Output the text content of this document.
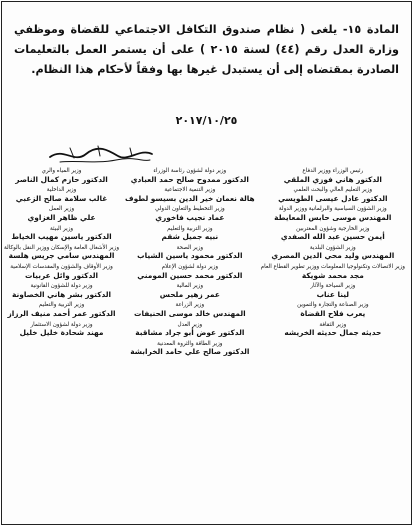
المادة ١٥- يلغى ( نظام صندوق التكافل الاجتماعي للقضاة وموظفي وزارة العدل رقم (٤٤) لسنة ٢٠١٥ ) على أن يستمر العمل بالتعليمات الصادرة بمقتضاه إلى أن يستبدل غيرها بها وفقاً لأحكام هذا النظام.
٢٠١٧/١٠/٢٥
رئيس الوزراء ووزير الدفاع
الدكتور هاني فوزي الملقي
وزير دولة لشؤون رئاسة الوزراء
الدكتور ممدوح صالح حمد العبادي
وزير المياه والري
الدكتور حازم كمال الناصر
وزير التعليم العالي والبحث العلمي
الدكتور عادل عيسى الطويسي
وزير التنمية الاجتماعية
هالة نعمان خير الدين بسيسو لطوف
وزير الداخلية
غالب سلامة صالح الزعبي
وزير الشؤون السياسية والبرلمانية ووزير الدولة
المهندس موسى حابس المعايطة
وزير التخطيط والتعاون الدولي
عماد نجيب فاخوري
وزير العمل
علي ظاهر الغزاوي
وزير الخارجية وشؤون المغتربين
أيمن حسين عبد الله الصفدي
وزير التربية والتعليم
نبيه جميل شقم
وزير البيئة
الدكتور ياسين مهيب الخياط
وزير الشؤون البلدية
المهندس وليد محي الدين المصري
وزير الصحة
الدكتور محمود ياسين الشياب
وزير الأشغال العامة والإسكان ووزير النقل بالوكالة
المهندس سامي جريس هلسة
وزير الاتصالات وتكنولوجيا المعلومات ووزير تطوير القطاع العام
مجد محمد شويكة
وزير دولة لشؤون الإعلام
الدكتور محمد حسين المومني
وزير الأوقاف والشؤون والمقدسات الإسلامية
الدكتور وائل عربيات
وزير السياحة والآثار
لينا عناب
وزير المالية
عمر زهير ملحس
وزير دولة للشؤون القانونية
الدكتور بشر هاني الخصاونة
وزير الصناعة والتجارة والتموين
يعرب فلاح القضاة
وزير الزراعة
المهندس خالد موسى الحنيفات
وزير التربية والتعليم
الدكتور عمر أحمد منيف الرزاز
وزير الثقافة
حديثه جمال حديثه الخريشه
وزير العدل
الدكتور عوض أبو جراد مشاقبة
وزير دولة لشؤون الاستثمار
مهند شحادة خليل خليل
وزير الطاقة والثروة المعدنية
الدكتور صالح علي حامد الخرابشة
